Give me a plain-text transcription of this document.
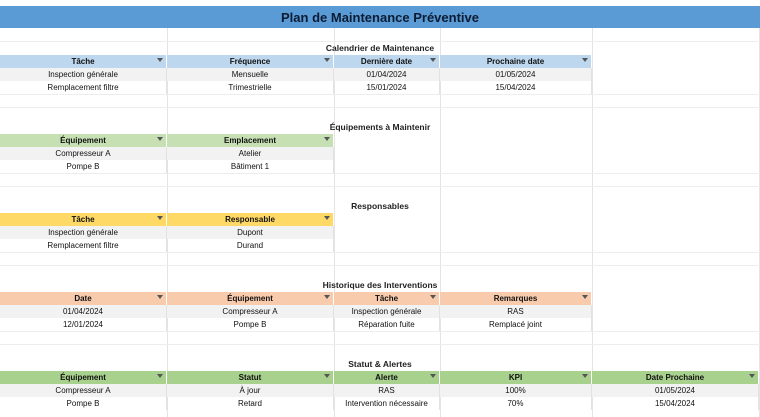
Plan de Maintenance Préventive
Calendrier de Maintenance
Tâche	Fréquence	Dernière date	Prochaine date
Inspection générale	Mensuelle	01/04/2024	01/05/2024
Remplacement filtre	Trimestrielle	15/01/2024	15/04/2024
Équipements à Maintenir
Équipement	Emplacement
Compresseur A	Atelier
Pompe B	Bâtiment 1
Responsables
Tâche	Responsable
Inspection générale	Dupont
Remplacement filtre	Durand
Historique des Interventions
Date	Équipement	Tâche	Remarques
01/04/2024	Compresseur A	Inspection générale	RAS
12/01/2024	Pompe B	Réparation fuite	Remplacé joint
Statut & Alertes
Équipement	Statut	Alerte	KPI	Date Prochaine
Compresseur A	À jour	RAS	100%	01/05/2024
Pompe B	Retard	Intervention nécessaire	70%	15/04/2024
